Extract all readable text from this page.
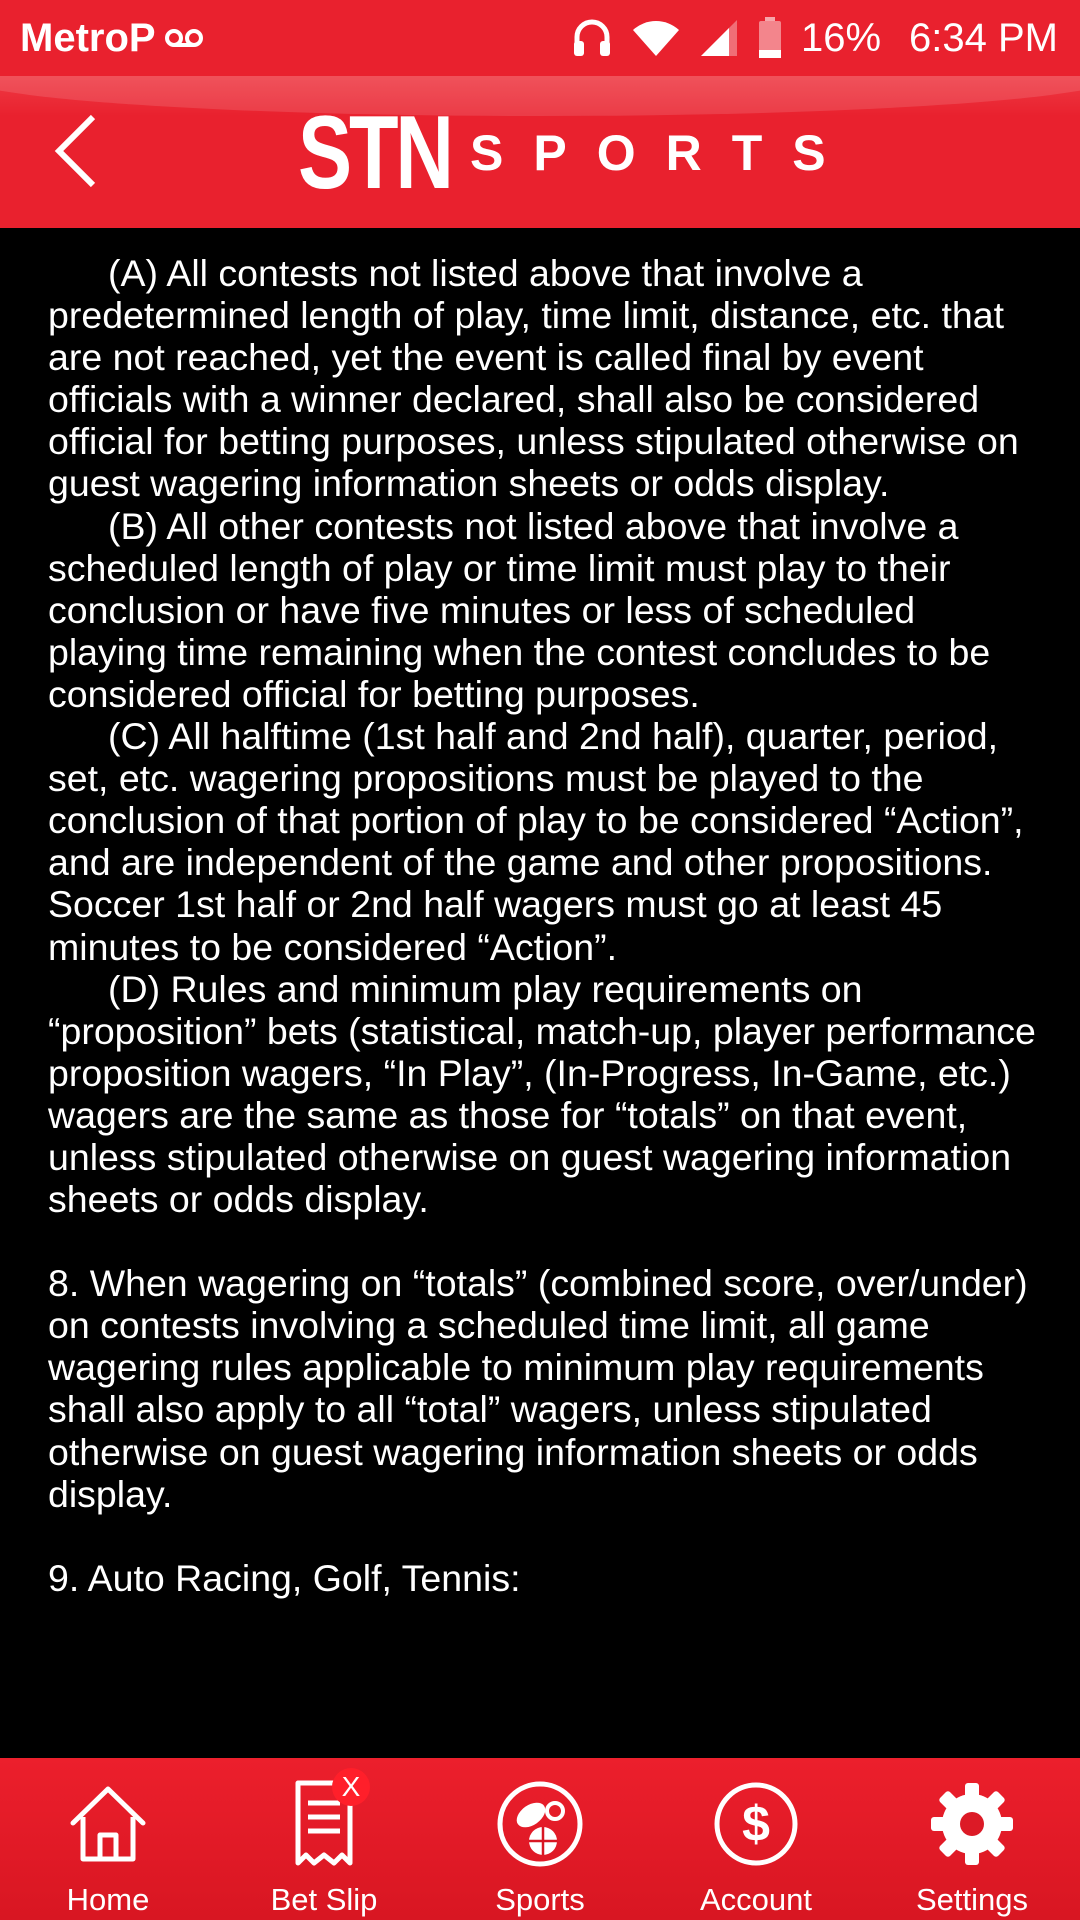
MetroP	16% 6:34 PM
STN SPORTS

(A) All contests not listed above that involve a predetermined length of play, time limit, distance, etc. that are not reached, yet the event is called final by event officials with a winner declared, shall also be considered official for betting purposes, unless stipulated otherwise on guest wagering information sheets or odds display.

(B) All other contests not listed above that involve a scheduled length of play or time limit must play to their conclusion or have five minutes or less of scheduled playing time remaining when the contest concludes to be considered official for betting purposes.

(C) All halftime (1st half and 2nd half), quarter, period, set, etc. wagering propositions must be played to the conclusion of that portion of play to be considered “Action”, and are independent of the game and other propositions. Soccer 1st half or 2nd half wagers must go at least 45 minutes to be considered “Action”.

(D) Rules and minimum play requirements on “proposition” bets (statistical, match-up, player performance proposition wagers, “In Play”, (In-Progress, In-Game, etc.) wagers are the same as those for “totals” on that event, unless stipulated otherwise on guest wagering information sheets or odds display.

8. When wagering on “totals” (combined score, over/under) on contests involving a scheduled time limit, all game wagering rules applicable to minimum play requirements shall also apply to all “total” wagers, unless stipulated otherwise on guest wagering information sheets or odds display.

9. Auto Racing, Golf, Tennis:

Home
X
Bet Slip	Sports
$
Account	Settings
